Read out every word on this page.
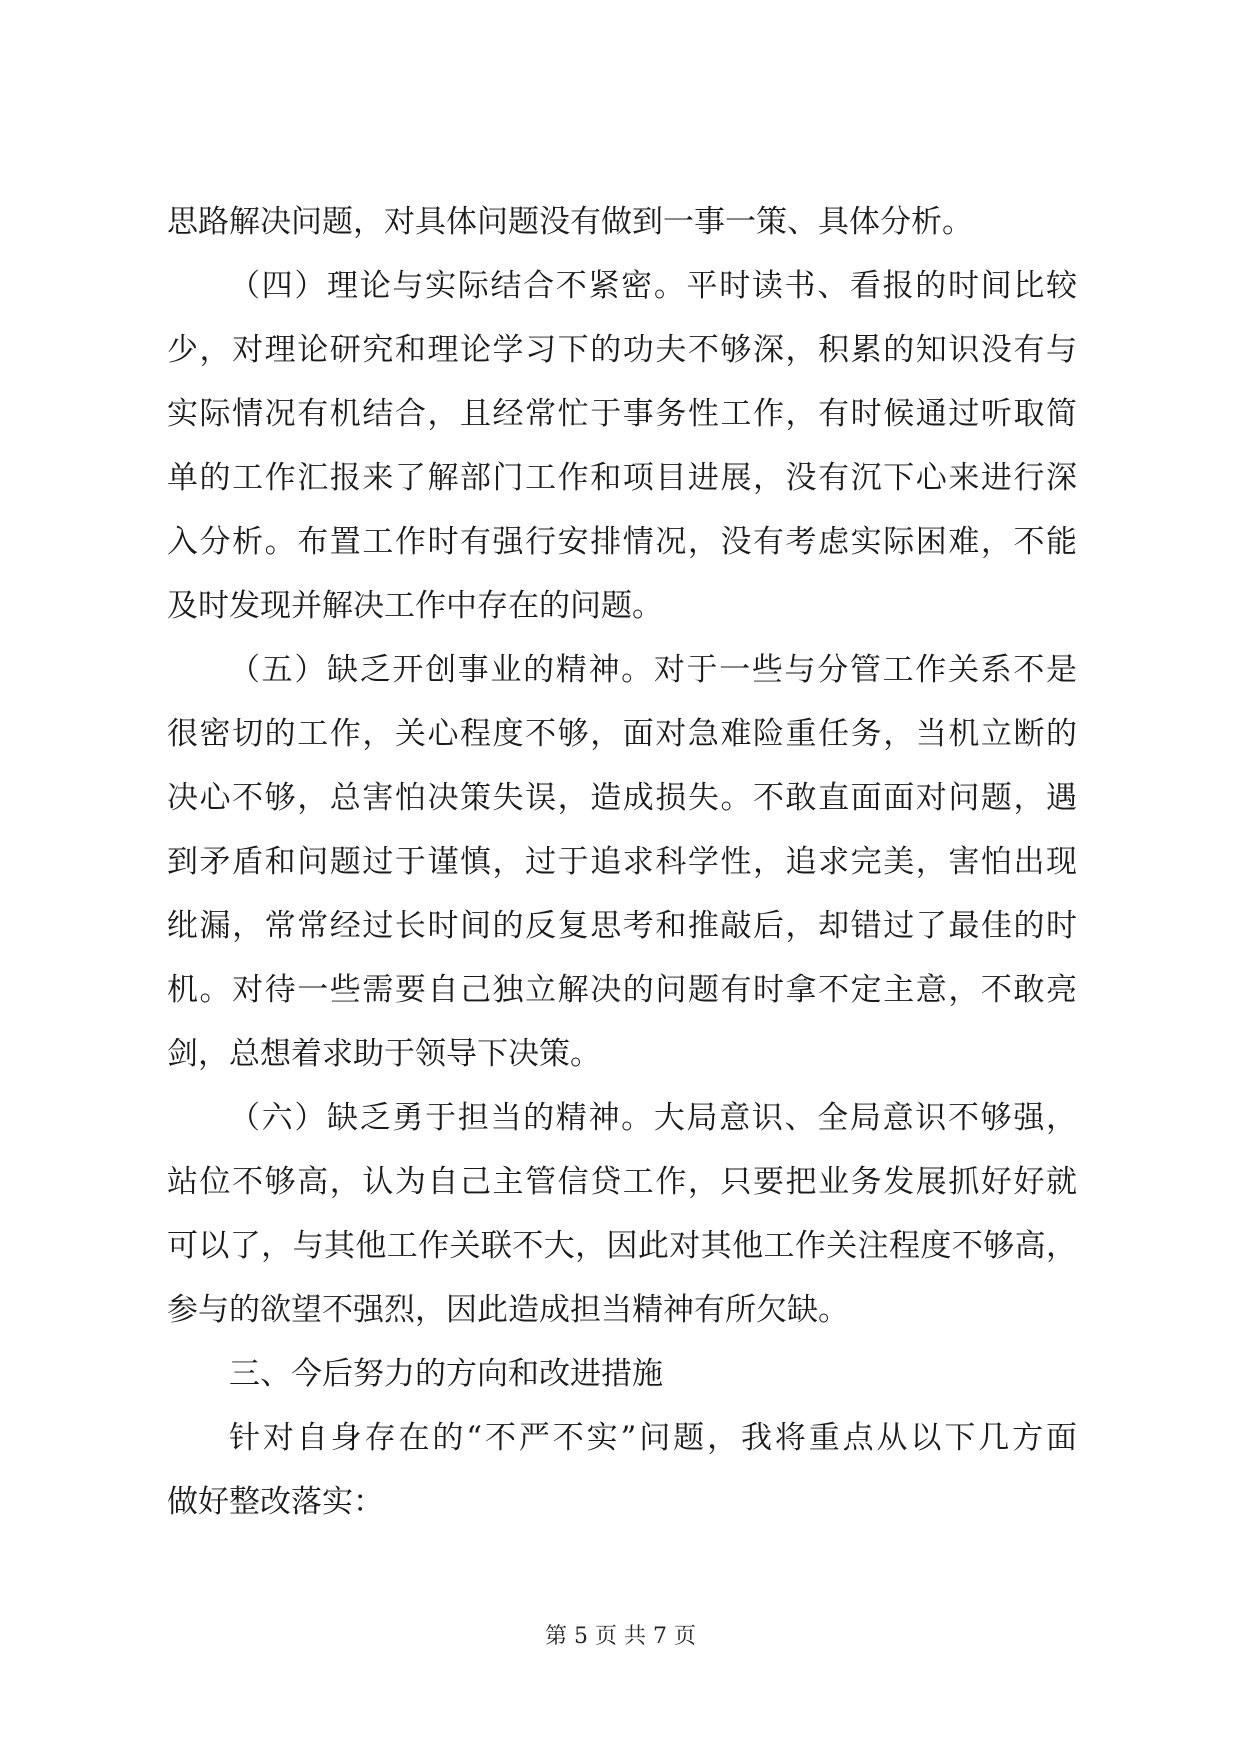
思路解决问题，对具体问题没有做到一事一策、具体分析。
（四）理论与实际结合不紧密。平时读书、看报的时间比较
少，对理论研究和理论学习下的功夫不够深，积累的知识没有与
实际情况有机结合，且经常忙于事务性工作，有时候通过听取简
单的工作汇报来了解部门工作和项目进展，没有沉下心来进行深
入分析。布置工作时有强行安排情况，没有考虑实际困难，不能
及时发现并解决工作中存在的问题。
（五）缺乏开创事业的精神。对于一些与分管工作关系不是
很密切的工作，关心程度不够，面对急难险重任务，当机立断的
决心不够，总害怕决策失误，造成损失。不敢直面面对问题，遇
到矛盾和问题过于谨慎，过于追求科学性，追求完美，害怕出现
纰漏，常常经过长时间的反复思考和推敲后，却错过了最佳的时
机。对待一些需要自己独立解决的问题有时拿不定主意，不敢亮
剑，总想着求助于领导下决策。
（六）缺乏勇于担当的精神。大局意识、全局意识不够强，
站位不够高，认为自己主管信贷工作，只要把业务发展抓好好就
可以了，与其他工作关联不大，因此对其他工作关注程度不够高，
参与的欲望不强烈，因此造成担当精神有所欠缺。
三、今后努力的方向和改进措施
针对自身存在的“不严不实”问题，我将重点从以下几方面
做好整改落实：
第 5 页 共 7 页
